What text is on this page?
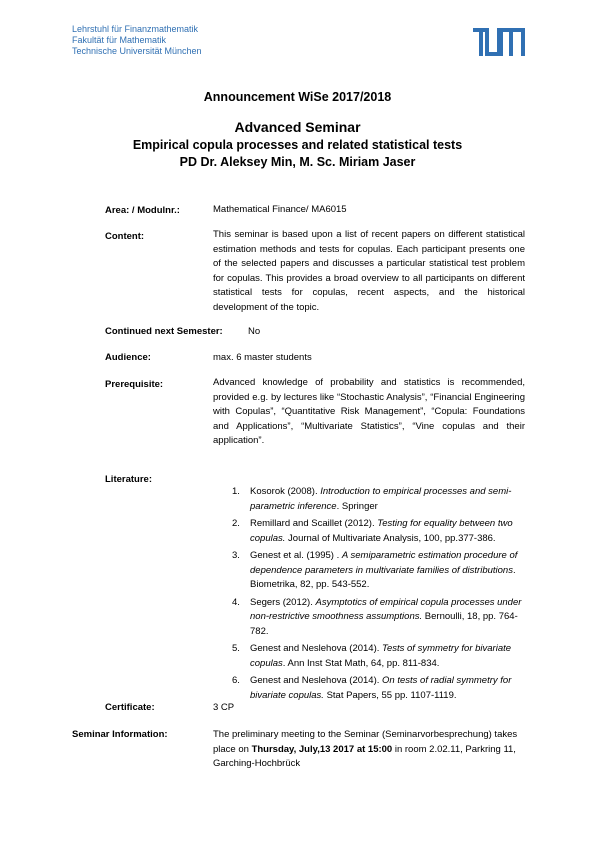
Lehrstuhl für Finanzmathematik
Fakultät für Mathematik
Technische Universität München
Announcement WiSe 2017/2018
Advanced Seminar
Empirical copula processes and related statistical tests
PD Dr. Aleksey Min, M. Sc. Miriam Jaser
Area: / Modulnr.:	Mathematical Finance/ MA6015
Content:	This seminar is based upon a list of recent papers on different statistical estimation methods and tests for copulas. Each participant presents one of the selected papers and discusses a particular statistical test problem for copulas. This provides a broad overview to all participants on different statistical tests for copulas, recent aspects, and the historical development of the topic.
Continued next Semester:	No
Audience:	max. 6 master students
Prerequisite:	Advanced knowledge of probability and statistics is recommended, provided e.g. by lectures like “Stochastic Analysis”, “Financial Engineering with Copulas”, “Quantitative Risk Management”, “Copula: Foundations and Applications”, “Multivariate Statistics”, “Vine copulas and their application”.
Literature:
1. Kosorok (2008). Introduction to empirical processes and semi-parametric inference. Springer
2. Remillard and Scaillet (2012). Testing for equality between two copulas. Journal of Multivariate Analysis, 100, pp.377-386.
3. Genest et al. (1995) . A semiparametric estimation procedure of dependence parameters in multivariate families of distributions. Biometrika, 82, pp. 543-552.
4. Segers (2012). Asymptotics of empirical copula processes under non-restrictive smoothness assumptions. Bernoulli, 18, pp. 764-782.
5. Genest and Neslehova (2014). Tests of symmetry for bivariate copulas. Ann Inst Stat Math, 64, pp. 811-834.
6. Genest and Neslehova (2014). On tests of radial symmetry for bivariate copulas. Stat Papers, 55 pp. 1107-1119.
Certificate:	3 CP
Seminar Information:	The preliminary meeting to the Seminar (Seminarvorbesprechung) takes place on Thursday, July,13 2017 at 15:00 in room 2.02.11, Parkring 11, Garching-Hochbrück
